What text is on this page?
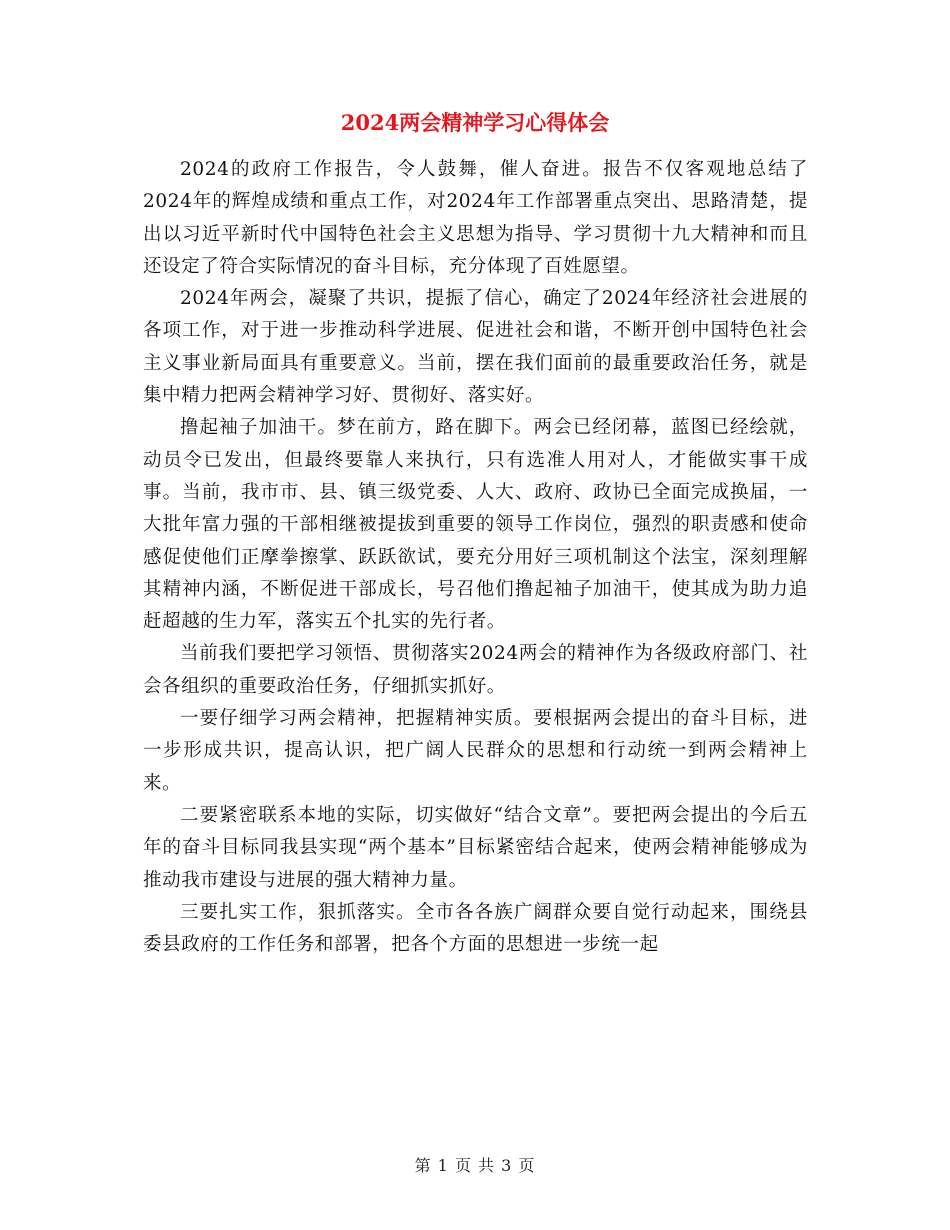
2024两会精神学习心得体会

2024的政府工作报告，令人鼓舞，催人奋进。报告不仅客观地总结了2024年的辉煌成绩和重点工作，对2024年工作部署重点突出、思路清楚，提出以习近平新时代中国特色社会主义思想为指导、学习贯彻十九大精神和而且还设定了符合实际情况的奋斗目标，充分体现了百姓愿望。

2024年两会，凝聚了共识，提振了信心，确定了2024年经济社会进展的各项工作，对于进一步推动科学进展、促进社会和谐，不断开创中国特色社会主义事业新局面具有重要意义。当前，摆在我们面前的最重要政治任务，就是集中精力把两会精神学习好、贯彻好、落实好。

撸起袖子加油干。梦在前方，路在脚下。两会已经闭幕，蓝图已经绘就，动员令已发出，但最终要靠人来执行，只有选准人用对人，才能做实事干成事。当前，我市市、县、镇三级党委、人大、政府、政协已全面完成换届，一大批年富力强的干部相继被提拔到重要的领导工作岗位，强烈的职责感和使命感促使他们正摩拳擦掌、跃跃欲试，要充分用好三项机制这个法宝，深刻理解其精神内涵，不断促进干部成长，号召他们撸起袖子加油干，使其成为助力追赶超越的生力军，落实五个扎实的先行者。

当前我们要把学习领悟、贯彻落实2024两会的精神作为各级政府部门、社会各组织的重要政治任务，仔细抓实抓好。

一要仔细学习两会精神，把握精神实质。要根据两会提出的奋斗目标，进一步形成共识，提高认识，把广阔人民群众的思想和行动统一到两会精神上来。

二要紧密联系本地的实际，切实做好“结合文章”。要把两会提出的今后五年的奋斗目标同我县实现“两个基本”目标紧密结合起来，使两会精神能够成为推动我市建设与进展的强大精神力量。

三要扎实工作，狠抓落实。全市各各族广阔群众要自觉行动起来，围绕县委县政府的工作任务和部署，把各个方面的思想进一步统一起

第 1 页 共 3 页
